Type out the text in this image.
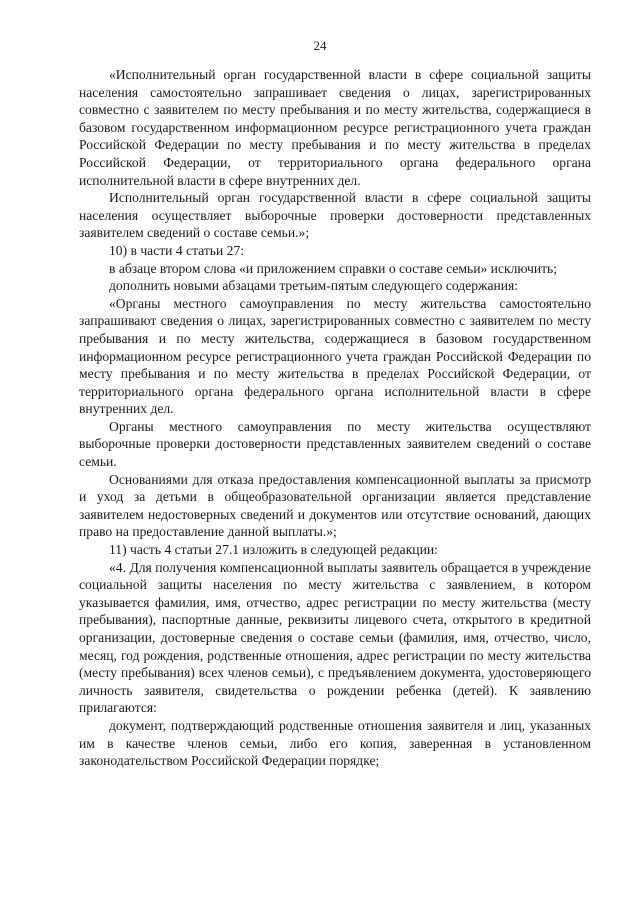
24

«Исполнительный орган государственной власти в сфере социальной защиты населения самостоятельно запрашивает сведения о лицах, зарегистрированных совместно с заявителем по месту пребывания и по месту жительства, содержащиеся в базовом государственном информационном ресурсе регистрационного учета граждан Российской Федерации по месту пребывания и по месту жительства в пределах Российской Федерации, от территориального органа федерального органа исполнительной власти в сфере внутренних дел.

Исполнительный орган государственной власти в сфере социальной защиты населения осуществляет выборочные проверки достоверности представленных заявителем сведений о составе семьи.»;

10) в части 4 статьи 27:

в абзаце втором слова «и приложением справки о составе семьи» исключить;

дополнить новыми абзацами третьим-пятым следующего содержания:

«Органы местного самоуправления по месту жительства самостоятельно запрашивают сведения о лицах, зарегистрированных совместно с заявителем по месту пребывания и по месту жительства, содержащиеся в базовом государственном информационном ресурсе регистрационного учета граждан Российской Федерации по месту пребывания и по месту жительства в пределах Российской Федерации, от территориального органа федерального органа исполнительной власти в сфере внутренних дел.

Органы местного самоуправления по месту жительства осуществляют выборочные проверки достоверности представленных заявителем сведений о составе семьи.

Основаниями для отказа предоставления компенсационной выплаты за присмотр и уход за детьми в общеобразовательной организации является представление заявителем недостоверных сведений и документов или отсутствие оснований, дающих право на предоставление данной выплаты.»;

11) часть 4 статьи 27.1 изложить в следующей редакции:

«4. Для получения компенсационной выплаты заявитель обращается в учреждение социальной защиты населения по месту жительства с заявлением, в котором указывается фамилия, имя, отчество, адрес регистрации по месту жительства (месту пребывания), паспортные данные, реквизиты лицевого счета, открытого в кредитной организации, достоверные сведения о составе семьи (фамилия, имя, отчество, число, месяц, год рождения, родственные отношения, адрес регистрации по месту жительства (месту пребывания) всех членов семьи), с предъявлением документа, удостоверяющего личность заявителя, свидетельства о рождении ребенка (детей). К заявлению прилагаются:

документ, подтверждающий родственные отношения заявителя и лиц, указанных им в качестве членов семьи, либо его копия, заверенная в установленном законодательством Российской Федерации порядке;
